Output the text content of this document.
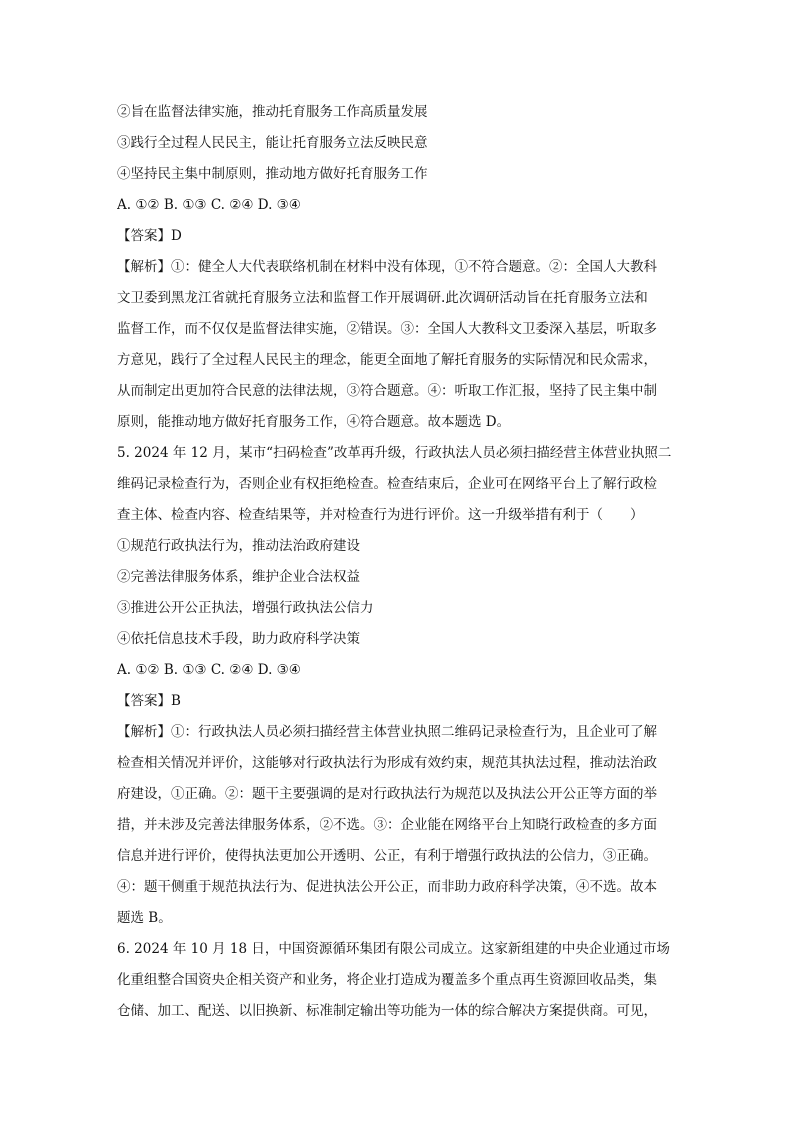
②旨在监督法律实施，推动托育服务工作高质量发展
③践行全过程人民民主，能让托育服务立法反映民意
④坚持民主集中制原则，推动地方做好托育服务工作
A. ①② B. ①③ C. ②④ D. ③④
【答案】D
【解析】①：健全人大代表联络机制在材料中没有体现，①不符合题意。②：全国人大教科
文卫委到黑龙江省就托育服务立法和监督工作开展调研.此次调研活动旨在托育服务立法和
监督工作，而不仅仅是监督法律实施，②错误。③：全国人大教科文卫委深入基层，听取多
方意见，践行了全过程人民民主的理念，能更全面地了解托育服务的实际情况和民众需求，
从而制定出更加符合民意的法律法规，③符合题意。④：听取工作汇报，坚持了民主集中制
原则，能推动地方做好托育服务工作，④符合题意。故本题选 D。
5. 2024 年 12 月，某市“扫码检查”改革再升级，行政执法人员必须扫描经营主体营业执照二
维码记录检查行为，否则企业有权拒绝检查。检查结束后，企业可在网络平台上了解行政检
查主体、检查内容、检查结果等，并对检查行为进行评价。这一升级举措有利于（　　）
①规范行政执法行为，推动法治政府建设
②完善法律服务体系，维护企业合法权益
③推进公开公正执法，增强行政执法公信力
④依托信息技术手段，助力政府科学决策
A. ①② B. ①③ C. ②④ D. ③④
【答案】B
【解析】①：行政执法人员必须扫描经营主体营业执照二维码记录检查行为，且企业可了解
检查相关情况并评价，这能够对行政执法行为形成有效约束，规范其执法过程，推动法治政
府建设，①正确。②：题干主要强调的是对行政执法行为规范以及执法公开公正等方面的举
措，并未涉及完善法律服务体系，②不选。③：企业能在网络平台上知晓行政检查的多方面
信息并进行评价，使得执法更加公开透明、公正，有利于增强行政执法的公信力，③正确。
④：题干侧重于规范执法行为、促进执法公开公正，而非助力政府科学决策，④不选。故本
题选 B。
6. 2024 年 10 月 18 日，中国资源循环集团有限公司成立。这家新组建的中央企业通过市场
化重组整合国资央企相关资产和业务，将企业打造成为覆盖多个重点再生资源回收品类，集
仓储、加工、配送、以旧换新、标准制定输出等功能为一体的综合解决方案提供商。可见，
